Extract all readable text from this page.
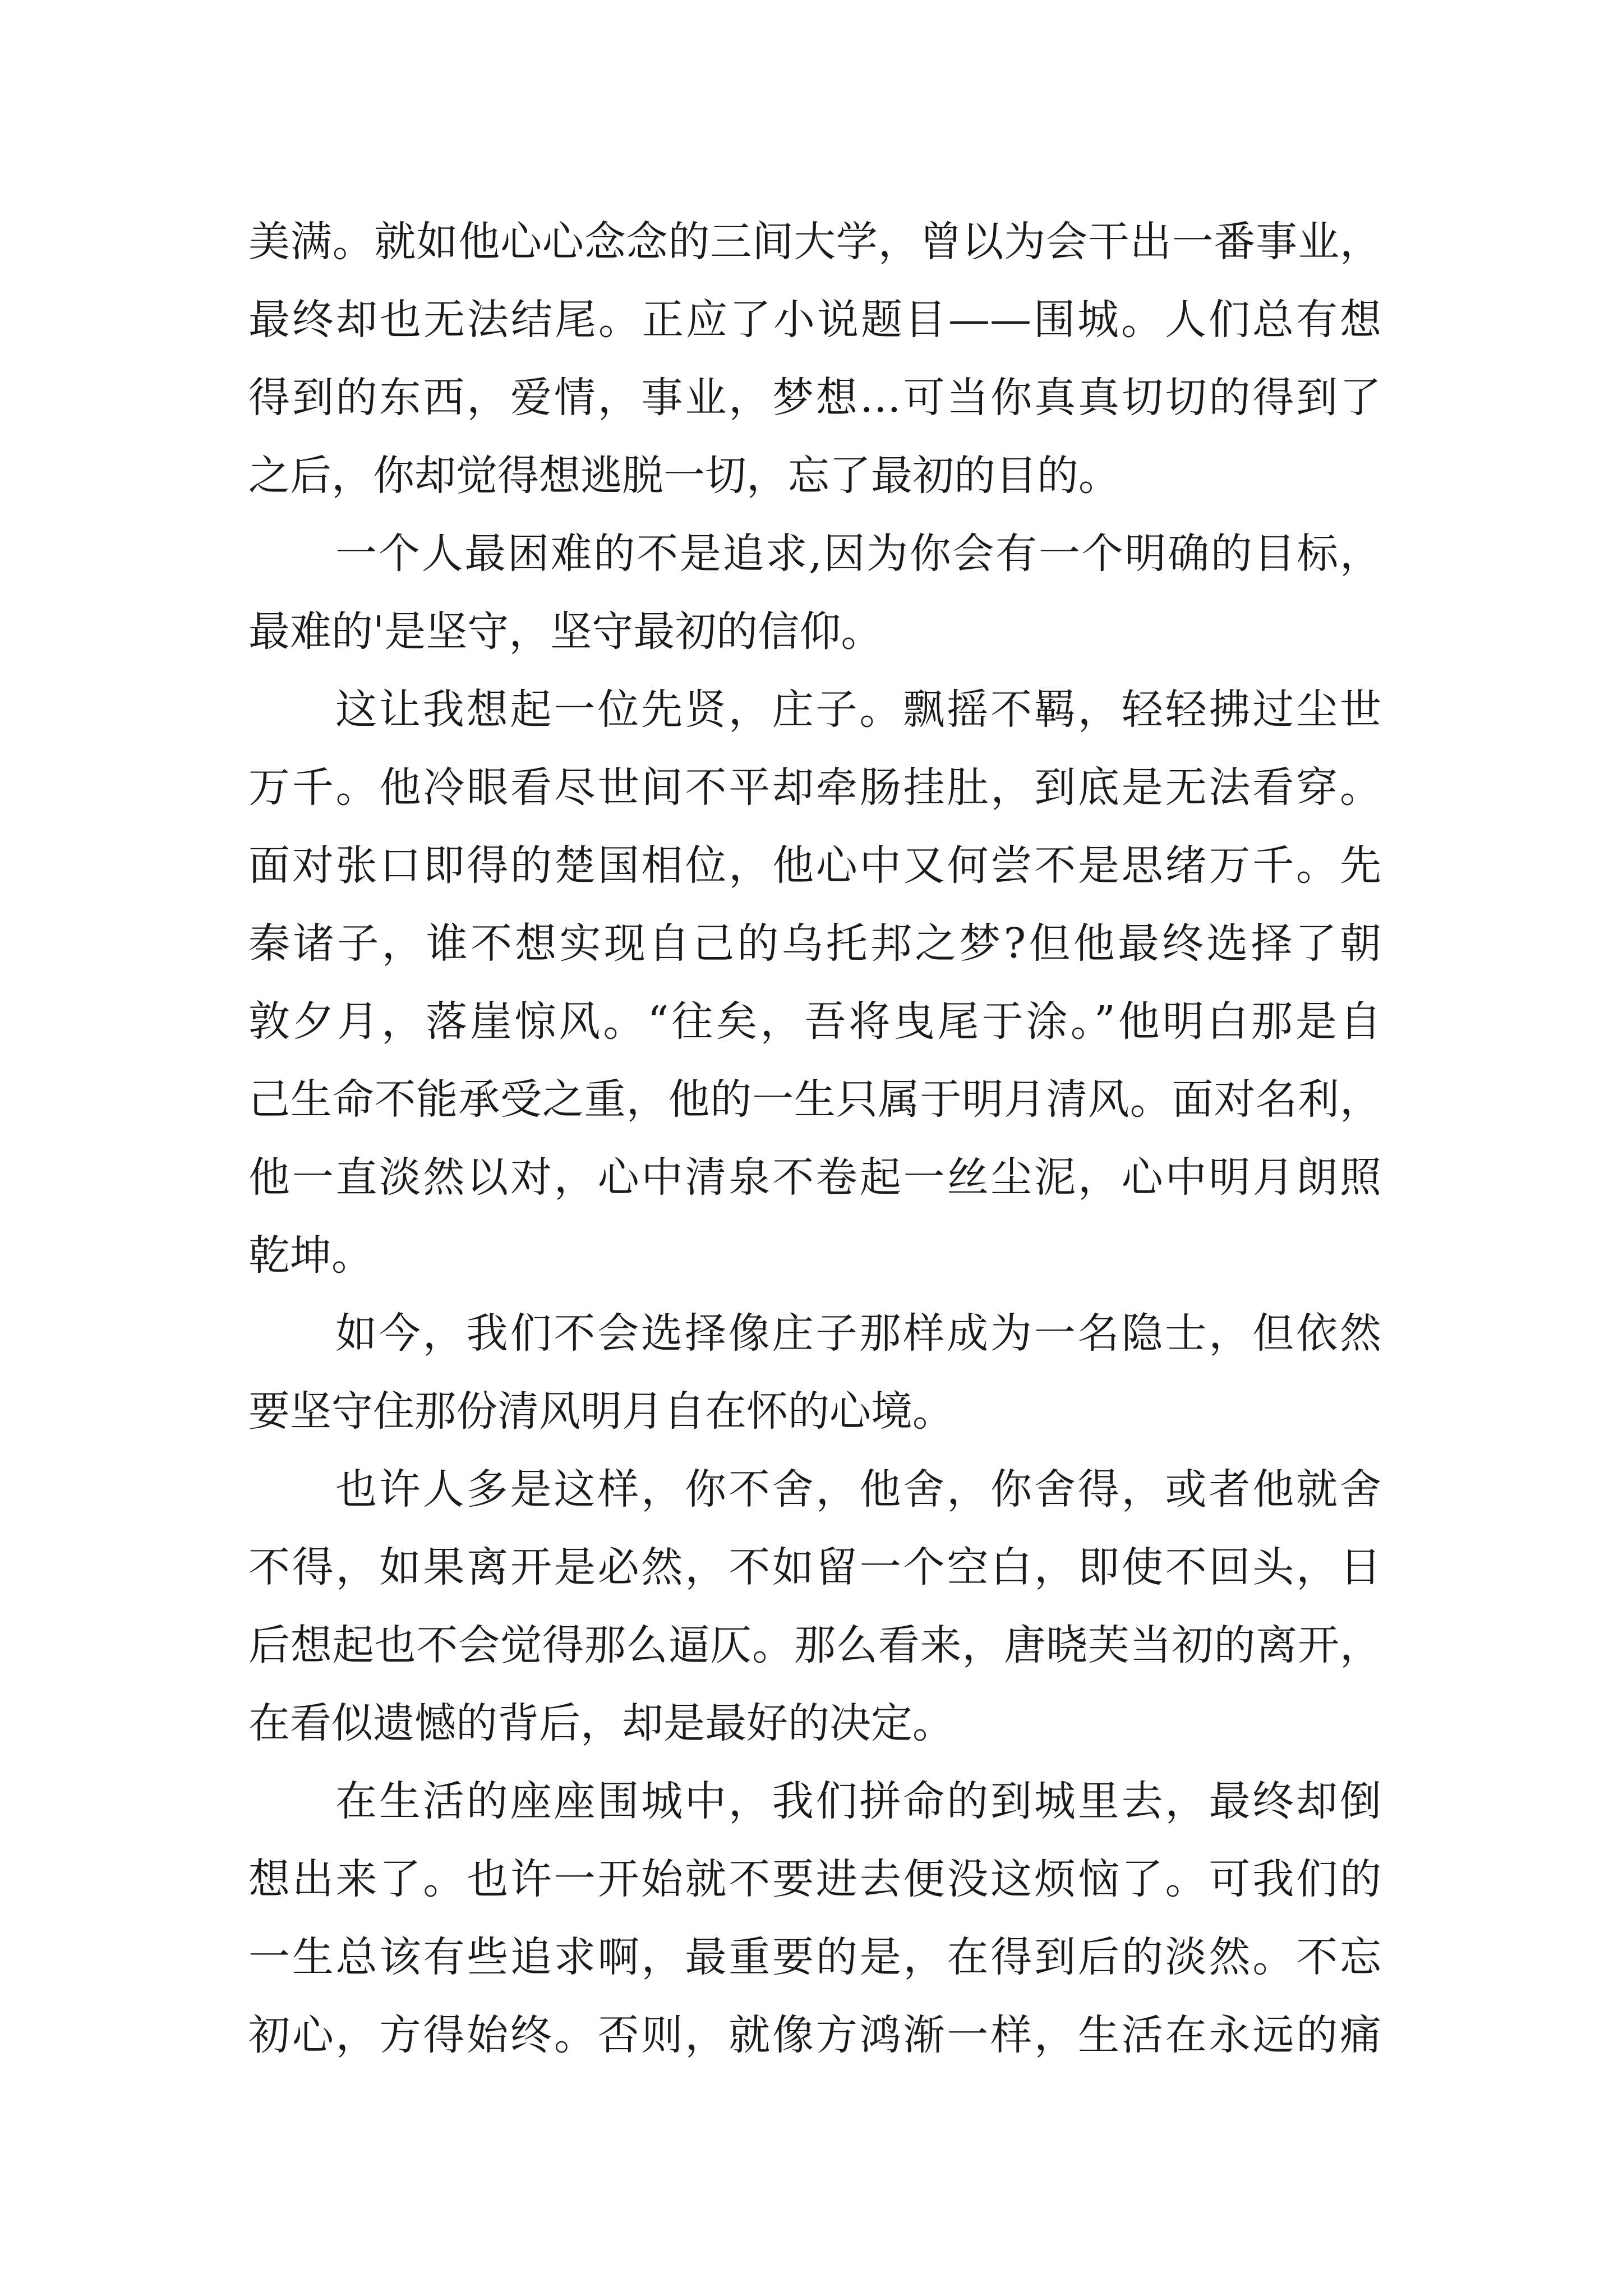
美满。就如他心心念念的三间大学，曾以为会干出一番事业，
最终却也无法结尾。正应了小说题目——围城。人们总有想
得到的东西，爱情，事业，梦想…可当你真真切切的得到了
之后，你却觉得想逃脱一切，忘了最初的目的。
一个人最困难的不是追求,因为你会有一个明确的目标，
最难的'是坚守，坚守最初的信仰。
这让我想起一位先贤，庄子。飘摇不羁，轻轻拂过尘世
万千。他冷眼看尽世间不平却牵肠挂肚，到底是无法看穿。
面对张口即得的楚国相位，他心中又何尝不是思绪万千。先
秦诸子，谁不想实现自己的乌托邦之梦?但他最终选择了朝
敦夕月，落崖惊风。“往矣，吾将曳尾于涂。”他明白那是自
己生命不能承受之重，他的一生只属于明月清风。面对名利，
他一直淡然以对，心中清泉不卷起一丝尘泥，心中明月朗照
乾坤。
如今，我们不会选择像庄子那样成为一名隐士，但依然
要坚守住那份清风明月自在怀的心境。
也许人多是这样，你不舍，他舍，你舍得，或者他就舍
不得，如果离开是必然，不如留一个空白，即使不回头，日
后想起也不会觉得那么逼仄。那么看来，唐晓芙当初的离开，
在看似遗憾的背后，却是最好的决定。
在生活的座座围城中，我们拼命的到城里去，最终却倒
想出来了。也许一开始就不要进去便没这烦恼了。可我们的
一生总该有些追求啊，最重要的是，在得到后的淡然。不忘
初心，方得始终。否则，就像方鸿渐一样，生活在永远的痛
